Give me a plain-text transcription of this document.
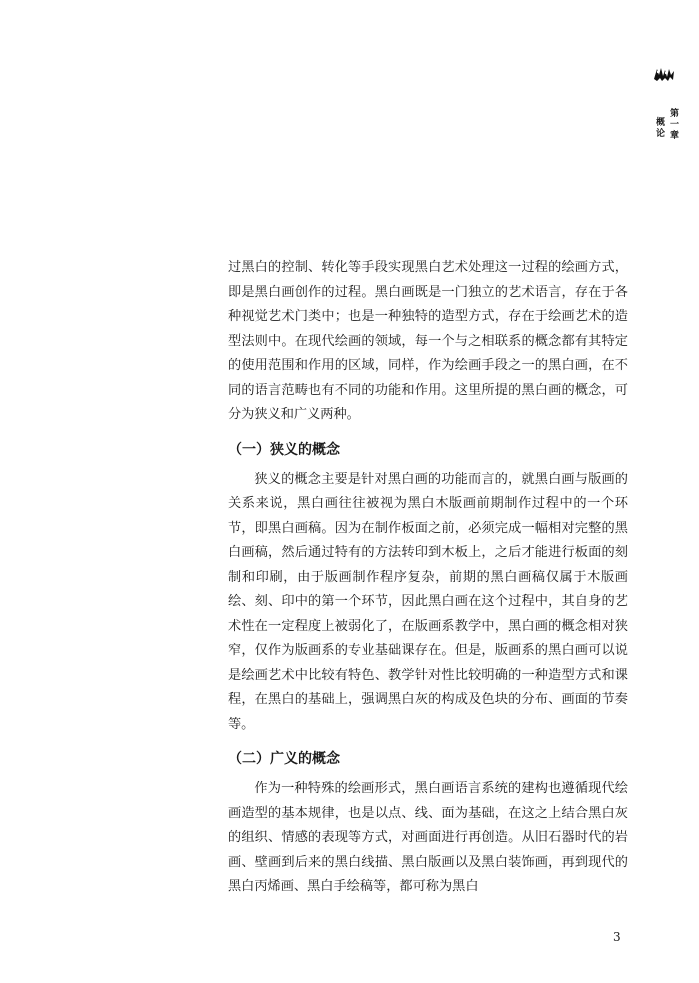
第一章 概论

过黑白的控制、转化等手段实现黑白艺术处理这一过程的绘画方式，即是黑白画创作的过程。黑白画既是一门独立的艺术语言，存在于各种视觉艺术门类中；也是一种独特的造型方式，存在于绘画艺术的造型法则中。在现代绘画的领域，每一个与之相联系的概念都有其特定的使用范围和作用的区域，同样，作为绘画手段之一的黑白画，在不同的语言范畴也有不同的功能和作用。这里所提的黑白画的概念，可分为狭义和广义两种。

（一）狭义的概念

狭义的概念主要是针对黑白画的功能而言的，就黑白画与版画的关系来说，黑白画往往被视为黑白木版画前期制作过程中的一个环节，即黑白画稿。因为在制作板面之前，必须完成一幅相对完整的黑白画稿，然后通过特有的方法转印到木板上，之后才能进行板面的刻制和印刷，由于版画制作程序复杂，前期的黑白画稿仅属于木版画绘、刻、印中的第一个环节，因此黑白画在这个过程中，其自身的艺术性在一定程度上被弱化了，在版画系教学中，黑白画的概念相对狭窄，仅作为版画系的专业基础课存在。但是，版画系的黑白画可以说是绘画艺术中比较有特色、教学针对性比较明确的一种造型方式和课程，在黑白的基础上，强调黑白灰的构成及色块的分布、画面的节奏等。

（二）广义的概念

作为一种特殊的绘画形式，黑白画语言系统的建构也遵循现代绘画造型的基本规律，也是以点、线、面为基础，在这之上结合黑白灰的组织、情感的表现等方式，对画面进行再创造。从旧石器时代的岩画、壁画到后来的黑白线描、黑白版画以及黑白装饰画，再到现代的黑白丙烯画、黑白手绘稿等，都可称为黑白

3
